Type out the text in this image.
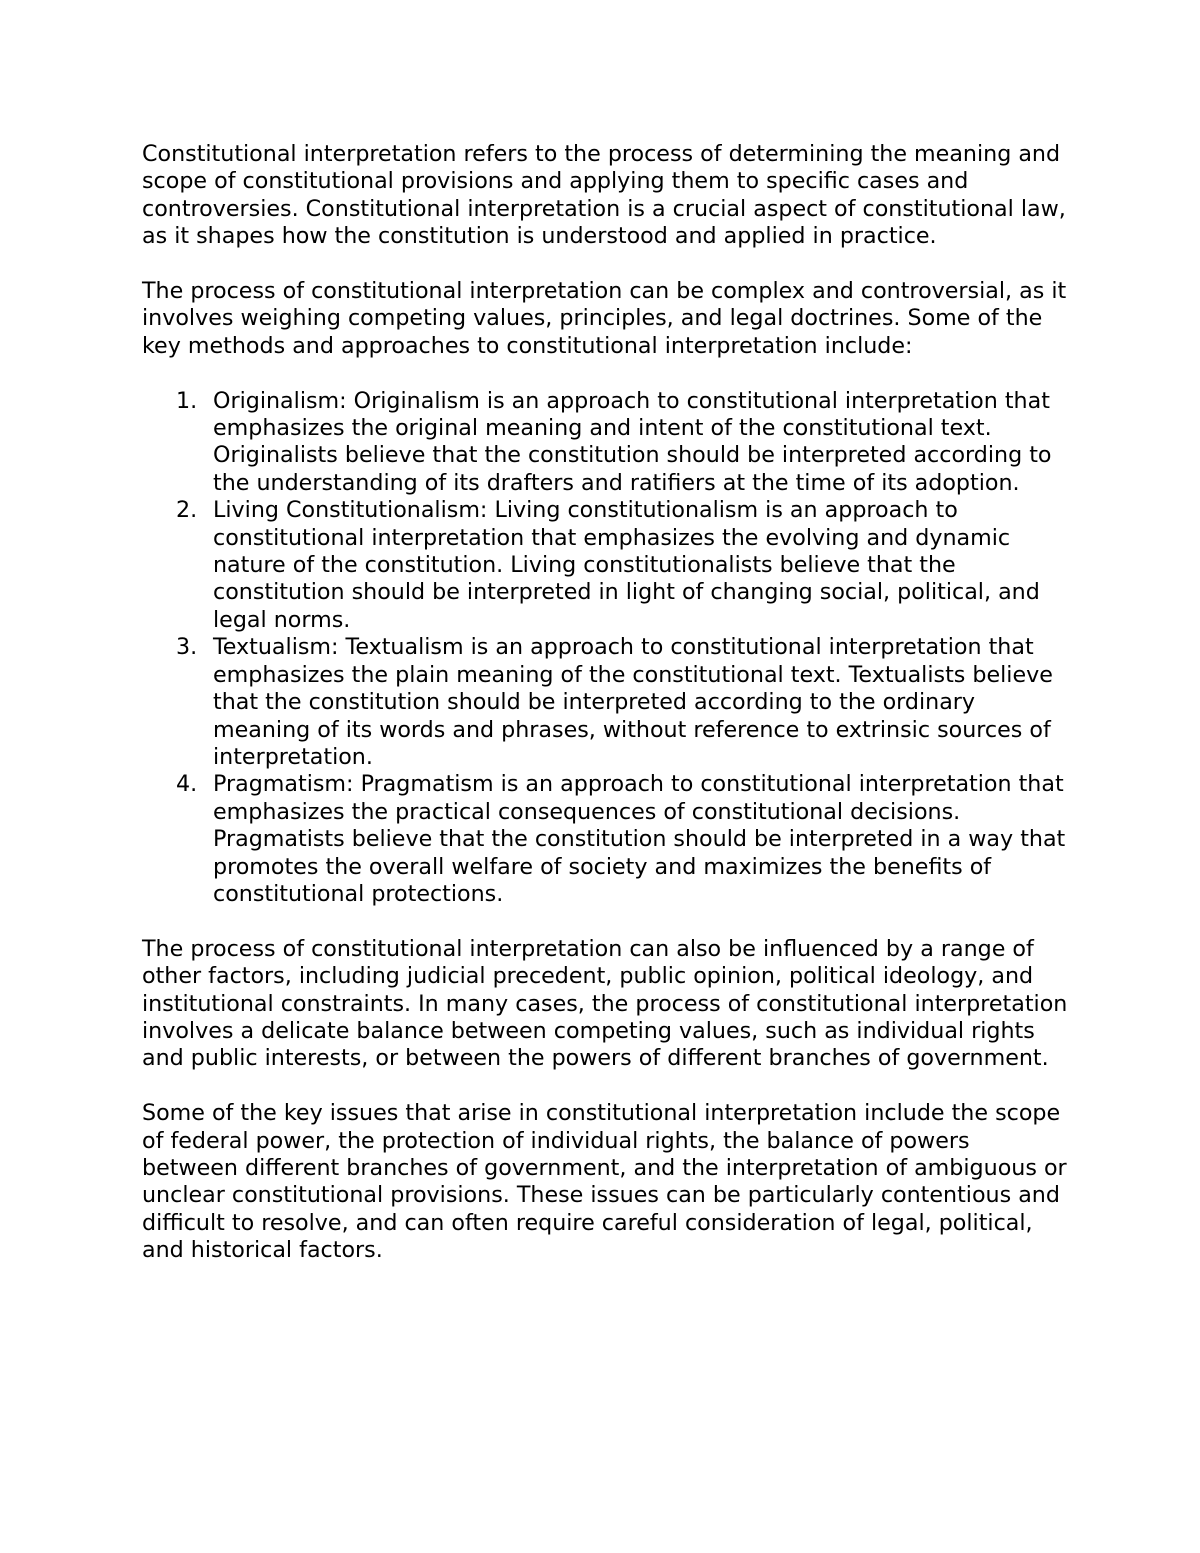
Constitutional interpretation refers to the process of determining the meaning and scope of constitutional provisions and applying them to specific cases and controversies. Constitutional interpretation is a crucial aspect of constitutional law, as it shapes how the constitution is understood and applied in practice.

The process of constitutional interpretation can be complex and controversial, as it involves weighing competing values, principles, and legal doctrines. Some of the key methods and approaches to constitutional interpretation include:

1. Originalism: Originalism is an approach to constitutional interpretation that emphasizes the original meaning and intent of the constitutional text. Originalists believe that the constitution should be interpreted according to the understanding of its drafters and ratifiers at the time of its adoption.
2. Living Constitutionalism: Living constitutionalism is an approach to constitutional interpretation that emphasizes the evolving and dynamic nature of the constitution. Living constitutionalists believe that the constitution should be interpreted in light of changing social, political, and legal norms.
3. Textualism: Textualism is an approach to constitutional interpretation that emphasizes the plain meaning of the constitutional text. Textualists believe that the constitution should be interpreted according to the ordinary meaning of its words and phrases, without reference to extrinsic sources of interpretation.
4. Pragmatism: Pragmatism is an approach to constitutional interpretation that emphasizes the practical consequences of constitutional decisions. Pragmatists believe that the constitution should be interpreted in a way that promotes the overall welfare of society and maximizes the benefits of constitutional protections.

The process of constitutional interpretation can also be influenced by a range of other factors, including judicial precedent, public opinion, political ideology, and institutional constraints. In many cases, the process of constitutional interpretation involves a delicate balance between competing values, such as individual rights and public interests, or between the powers of different branches of government.

Some of the key issues that arise in constitutional interpretation include the scope of federal power, the protection of individual rights, the balance of powers between different branches of government, and the interpretation of ambiguous or unclear constitutional provisions. These issues can be particularly contentious and difficult to resolve, and can often require careful consideration of legal, political, and historical factors.
